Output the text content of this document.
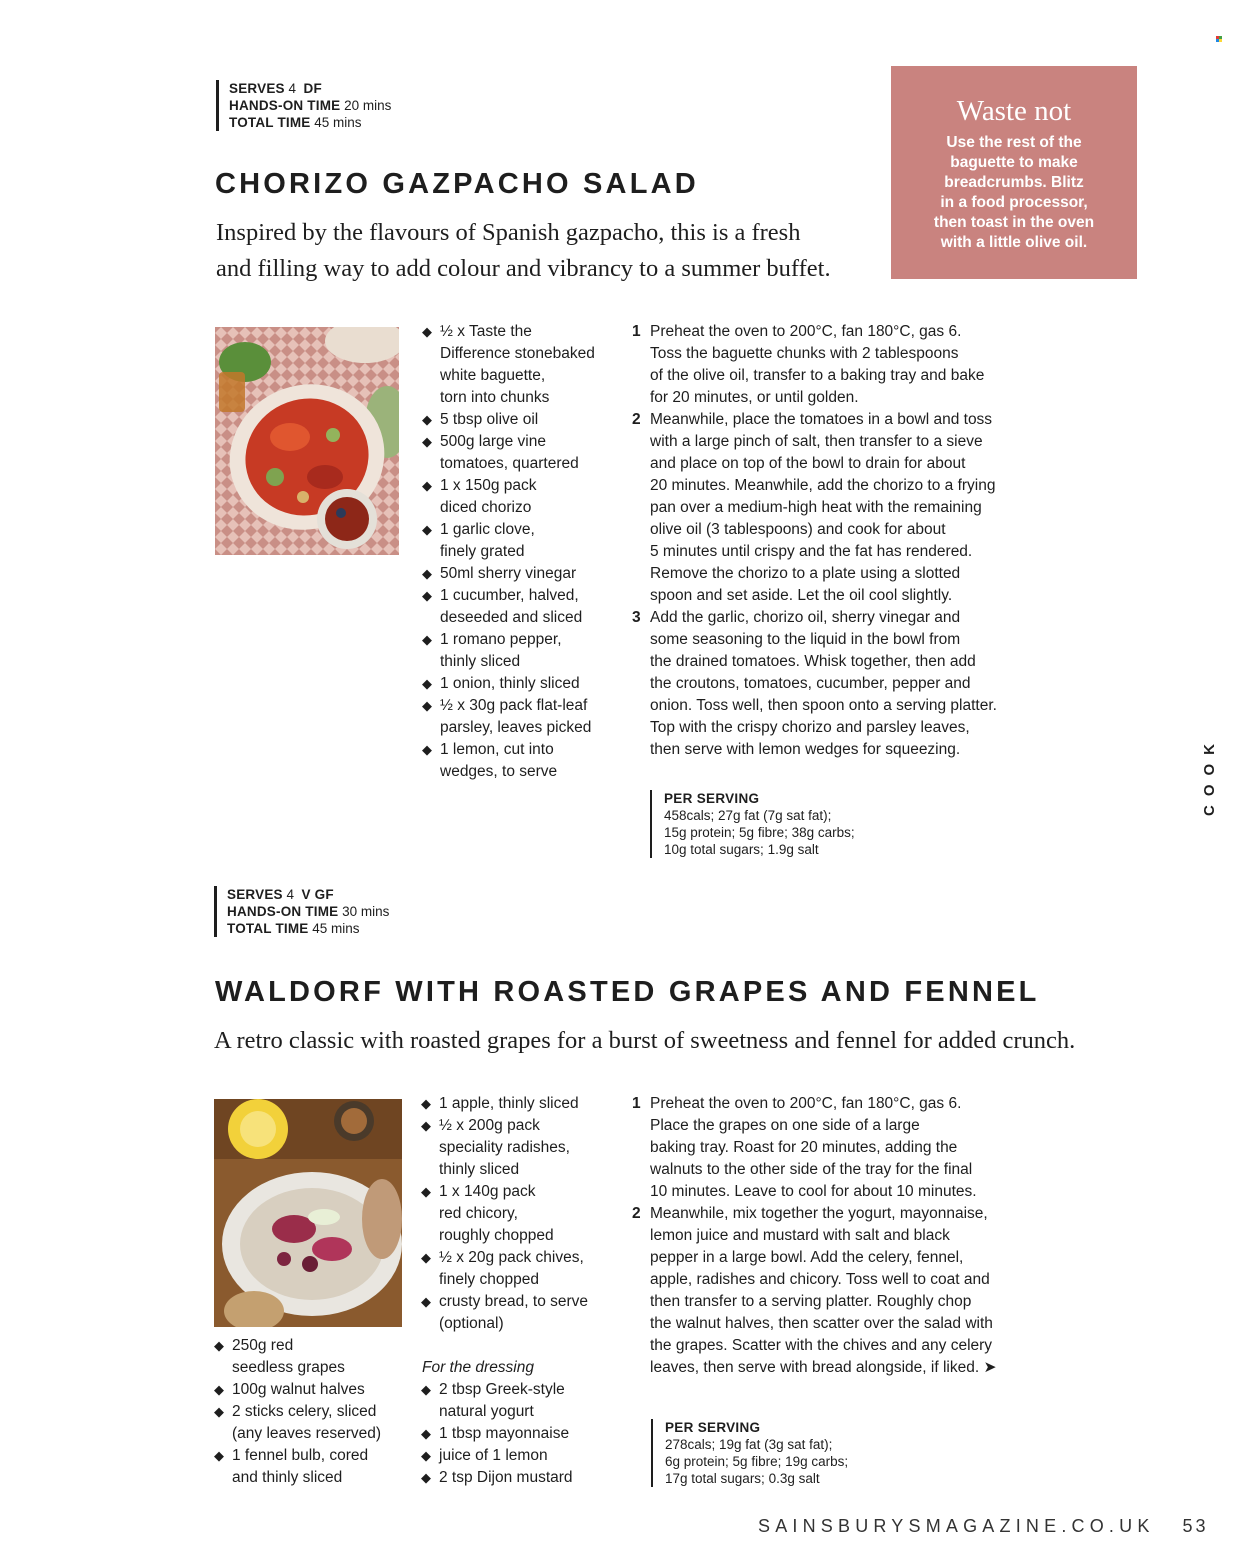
SERVES 4 DF
HANDS-ON TIME 20 mins
TOTAL TIME 45 mins
CHORIZO GAZPACHO SALAD
Inspired by the flavours of Spanish gazpacho, this is a fresh
and filling way to add colour and vibrancy to a summer buffet.
Waste not
Use the rest of the
baguette to make
breadcrumbs. Blitz
in a food processor,
then toast in the oven
with a little olive oil.
◆ ½ x Taste the
Difference stonebaked
white baguette,
torn into chunks
◆ 5 tbsp olive oil
◆ 500g large vine
tomatoes, quartered
◆ 1 x 150g pack
diced chorizo
◆ 1 garlic clove,
finely grated
◆ 50ml sherry vinegar
◆ 1 cucumber, halved,
deseeded and sliced
◆ 1 romano pepper,
thinly sliced
◆ 1 onion, thinly sliced
◆ ½ x 30g pack flat-leaf
parsley, leaves picked
◆ 1 lemon, cut into
wedges, to serve
1 Preheat the oven to 200°C, fan 180°C, gas 6.
Toss the baguette chunks with 2 tablespoons
of the olive oil, transfer to a baking tray and bake
for 20 minutes, or until golden.
2 Meanwhile, place the tomatoes in a bowl and toss
with a large pinch of salt, then transfer to a sieve
and place on top of the bowl to drain for about
20 minutes. Meanwhile, add the chorizo to a frying
pan over a medium-high heat with the remaining
olive oil (3 tablespoons) and cook for about
5 minutes until crispy and the fat has rendered.
Remove the chorizo to a plate using a slotted
spoon and set aside. Let the oil cool slightly.
3 Add the garlic, chorizo oil, sherry vinegar and
some seasoning to the liquid in the bowl from
the drained tomatoes. Whisk together, then add
the croutons, tomatoes, cucumber, pepper and
onion. Toss well, then spoon onto a serving platter.
Top with the crispy chorizo and parsley leaves,
then serve with lemon wedges for squeezing.
PER SERVING
458cals; 27g fat (7g sat fat);
15g protein; 5g fibre; 38g carbs;
10g total sugars; 1.9g salt
SERVES 4 V GF
HANDS-ON TIME 30 mins
TOTAL TIME 45 mins
WALDORF WITH ROASTED GRAPES AND FENNEL
A retro classic with roasted grapes for a burst of sweetness and fennel for added crunch.
◆ 250g red
seedless grapes
◆ 100g walnut halves
◆ 2 sticks celery, sliced
(any leaves reserved)
◆ 1 fennel bulb, cored
and thinly sliced
◆ 1 apple, thinly sliced
◆ ½ x 200g pack
speciality radishes,
thinly sliced
◆ 1 x 140g pack
red chicory,
roughly chopped
◆ ½ x 20g pack chives,
finely chopped
◆ crusty bread, to serve
(optional)
For the dressing
◆ 2 tbsp Greek-style
natural yogurt
◆ 1 tbsp mayonnaise
◆ juice of 1 lemon
◆ 2 tsp Dijon mustard
1 Preheat the oven to 200°C, fan 180°C, gas 6.
Place the grapes on one side of a large
baking tray. Roast for 20 minutes, adding the
walnuts to the other side of the tray for the final
10 minutes. Leave to cool for about 10 minutes.
2 Meanwhile, mix together the yogurt, mayonnaise,
lemon juice and mustard with salt and black
pepper in a large bowl. Add the celery, fennel,
apple, radishes and chicory. Toss well to coat and
then transfer to a serving platter. Roughly chop
the walnut halves, then scatter over the salad with
the grapes. Scatter with the chives and any celery
leaves, then serve with bread alongside, if liked. ➤
PER SERVING
278cals; 19g fat (3g sat fat);
6g protein; 5g fibre; 19g carbs;
17g total sugars; 0.3g salt
COOK
SAINSBURYSMAGAZINE.CO.UK 53
